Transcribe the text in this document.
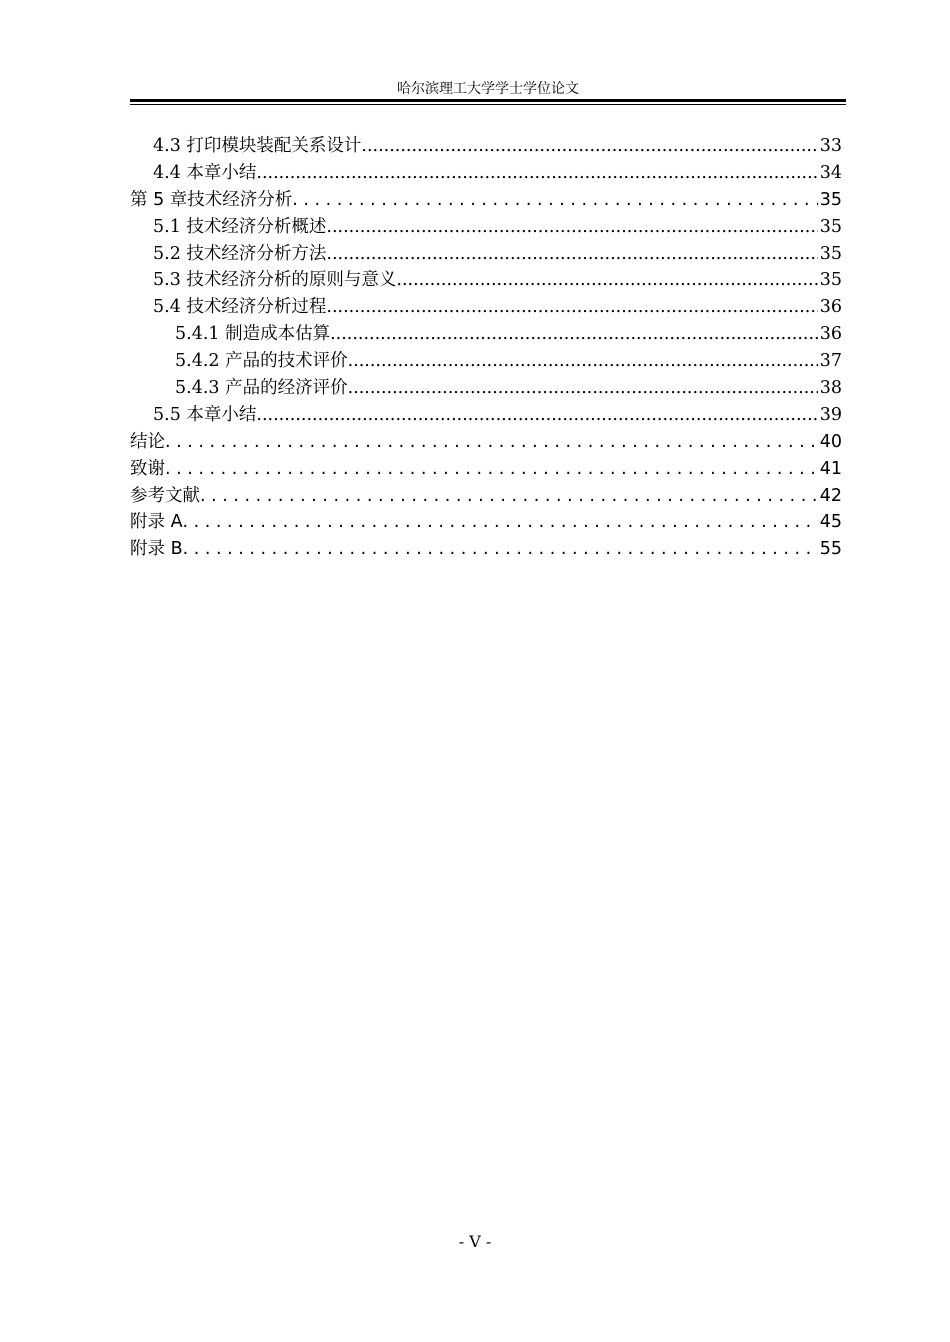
哈尔滨理工大学学士学位论文
4.3 打印模块装配关系设计 .....	33
4.4 本章小结 .....	34
第 5 章技术经济分析 . . .	35
5.1 技术经济分析概述 .....	35
5.2 技术经济分析方法 .....	35
5.3 技术经济分析的原则与意义 .....	35
5.4 技术经济分析过程 .....	36
5.4.1 制造成本估算 .....	36
5.4.2 产品的技术评价 .....	37
5.4.3 产品的经济评价 .....	38
5.5 本章小结 .....	39
结论 . . .	40
致谢 . . .	41
参考文献 . . .	42
附录 A . . .	45
附录 B . . .	55
- V -
